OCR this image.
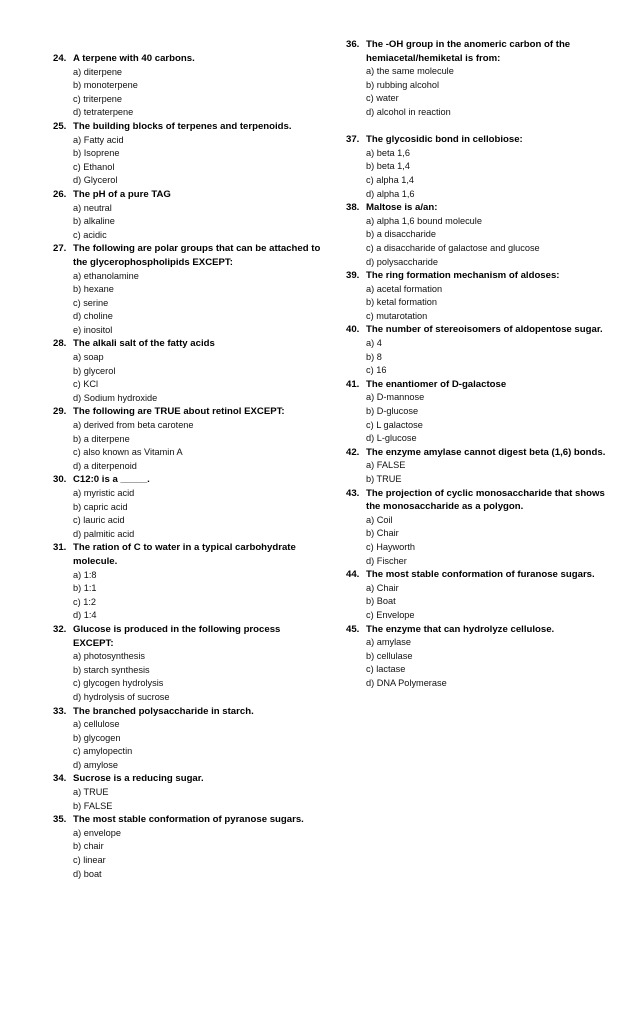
24. A terpene with 40 carbons.
a) diterpene
b) monoterpene
c) triterpene
d) tetraterpene
25. The building blocks of terpenes and terpenoids.
a) Fatty acid
b) Isoprene
c) Ethanol
d) Glycerol
26. The pH of a pure TAG
a) neutral
b) alkaline
c) acidic
27. The following are polar groups that can be attached to the glycerophospholipids EXCEPT:
a) ethanolamine
b) hexane
c) serine
d) choline
e) inositol
28. The alkali salt of the fatty acids
a) soap
b) glycerol
c) KCl
d) Sodium hydroxide
29. The following are TRUE about retinol EXCEPT:
a) derived from beta carotene
b) a diterpene
c) also known as Vitamin A
d) a diterpenoid
30. C12:0 is a _____.
a) myristic acid
b) capric acid
c) lauric acid
d) palmitic acid
31. The ration of C to water in a typical carbohydrate molecule.
a) 1:8
b) 1:1
c) 1:2
d) 1:4
32. Glucose is produced in the following process EXCEPT:
a) photosynthesis
b) starch synthesis
c) glycogen hydrolysis
d) hydrolysis of sucrose
33. The branched polysaccharide in starch.
a) cellulose
b) glycogen
c) amylopectin
d) amylose
34. Sucrose is a reducing sugar.
a) TRUE
b) FALSE
35. The most stable conformation of pyranose sugars.
a) envelope
b) chair
c) linear
d) boat
36. The -OH group in the anomeric carbon of the hemiacetal/hemiketal is from:
a) the same molecule
b) rubbing alcohol
c) water
d) alcohol in reaction
37. The glycosidic bond in cellobiose:
a) beta 1,6
b) beta 1,4
c) alpha 1,4
d) alpha 1,6
38. Maltose is a/an:
a) alpha 1,6 bound molecule
b) a disaccharide
c) a disaccharide of galactose and glucose
d) polysaccharide
39. The ring formation mechanism of aldoses:
a) acetal formation
b) ketal formation
c) mutarotation
40. The number of stereoisomers of aldopentose sugar.
a) 4
b) 8
c) 16
41. The enantiomer of D-galactose
a) D-mannose
b) D-glucose
c) L galactose
d) L-glucose
42. The enzyme amylase cannot digest beta (1,6) bonds.
a) FALSE
b) TRUE
43. The projection of cyclic monosaccharide that shows the monosaccharide as a polygon.
a) Coil
b) Chair
c) Hayworth
d) Fischer
44. The most stable conformation of furanose sugars.
a) Chair
b) Boat
c) Envelope
45. The enzyme that can hydrolyze cellulose.
a) amylase
b) cellulase
c) lactase
d) DNA Polymerase
